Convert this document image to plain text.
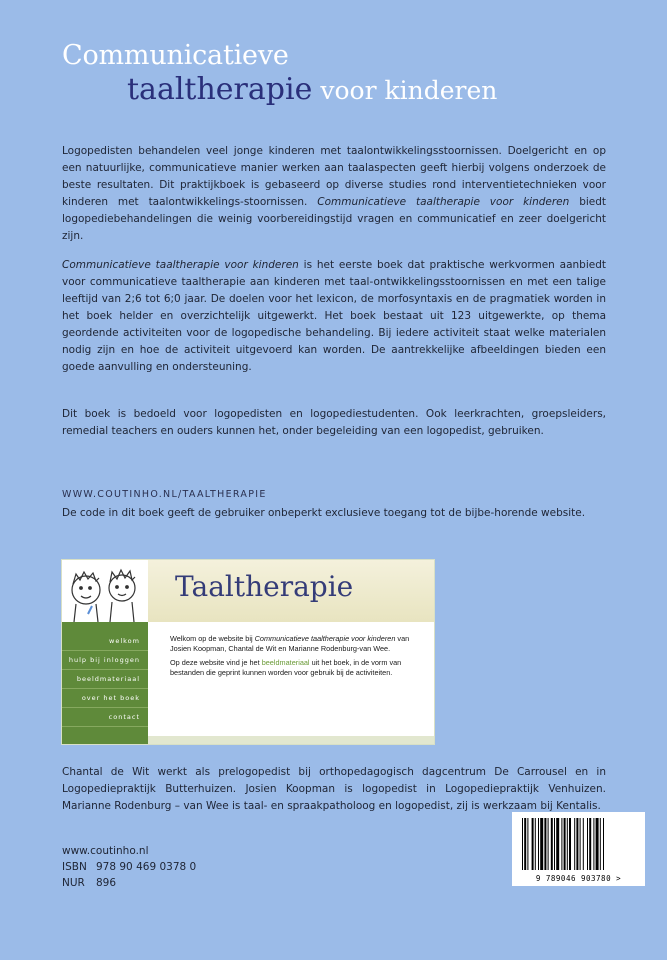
Communicatieve
taaltherapie voor kinderen

Logopedisten behandelen veel jonge kinderen met taalontwikkelingsstoornissen. Doelgericht en op een natuurlijke, communicatieve manier werken aan taalaspecten geeft hierbij volgens onderzoek de beste resultaten. Dit praktijkboek is gebaseerd op diverse studies rond interventietechnieken voor kinderen met taalontwikkelings-stoornissen. Communicatieve taaltherapie voor kinderen biedt logopediebehandelingen die weinig voorbereidingstijd vragen en communicatief en zeer doelgericht zijn.

Communicatieve taaltherapie voor kinderen is het eerste boek dat praktische werkvormen aanbiedt voor communicatieve taaltherapie aan kinderen met taal-ontwikkelingsstoornissen en met een talige leeftijd van 2;6 tot 6;0 jaar. De doelen voor het lexicon, de morfosyntaxis en de pragmatiek worden in het boek helder en overzichtelijk uitgewerkt. Het boek bestaat uit 123 uitgewerkte, op thema geordende activiteiten voor de logopedische behandeling. Bij iedere activiteit staat welke materialen nodig zijn en hoe de activiteit uitgevoerd kan worden. De aantrekkelijke afbeeldingen bieden een goede aanvulling en ondersteuning.

Dit boek is bedoeld voor logopedisten en logopediestudenten. Ook leerkrachten, groepsleiders, remedial teachers en ouders kunnen het, onder begeleiding van een logopedist, gebruiken.

WWW.COUTINHO.NL/TAALTHERAPIE
De code in dit boek geeft de gebruiker onbeperkt exclusieve toegang tot de bijbe-horende website.
Taaltherapie
welkom
hulp bij inloggen
beeldmateriaal
over het boek
contact

Welkom op de website bij Communicatieve taaltherapie voor kinderen van Josien Koopman, Chantal de Wit en Marianne Rodenburg-van Wee.

Op deze website vind je het beeldmateriaal uit het boek, in de vorm van bestanden die geprint kunnen worden voor gebruik bij de activiteiten.

Chantal de Wit werkt als prelogopedist bij orthopedagogisch dagcentrum De Carrousel en in Logopediepraktijk Butterhuizen. Josien Koopman is logopedist in Logopediepraktijk Venhuizen. Marianne Rodenburg – van Wee is taal- en spraakpatholoog en logopedist, zij is werkzaam bij Kentalis.
www.coutinho.nl
ISBN 978 90 469 0378 0
NUR 896	9 789046 903780 >
